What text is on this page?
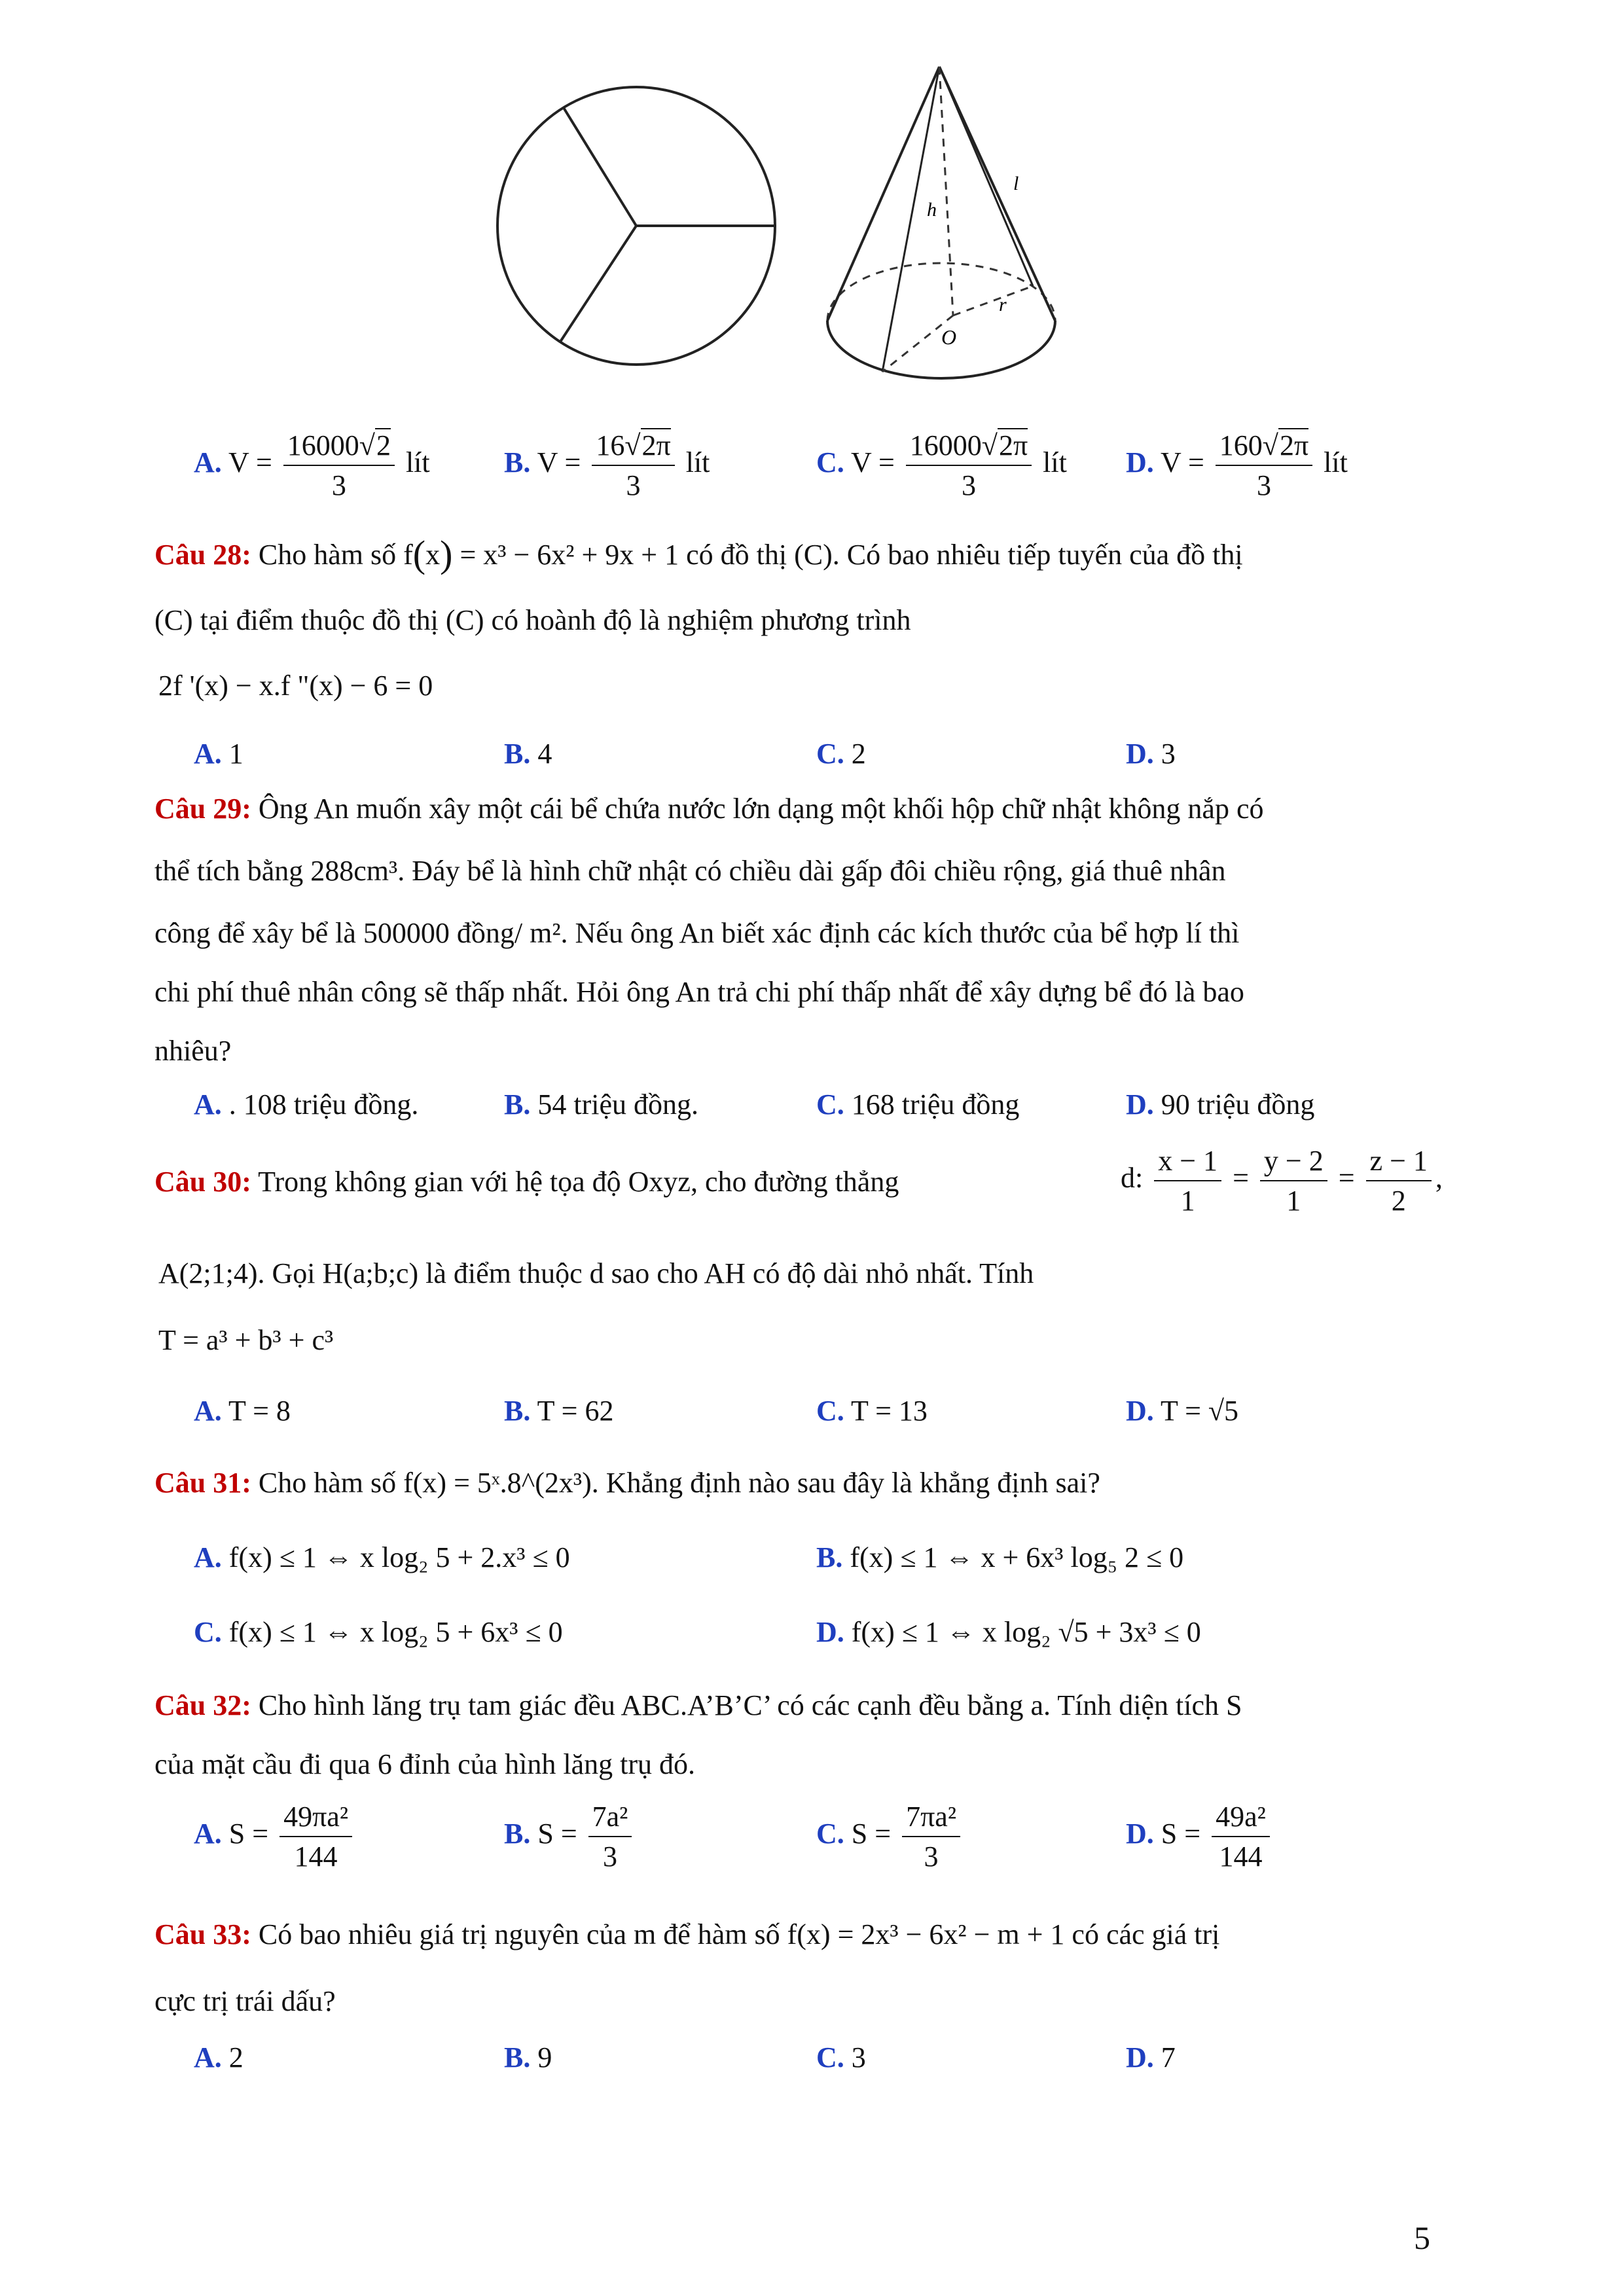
h
l
r
O
A. $V = \frac{16000√2}{3}$ lít	B. $V = \frac{16√2\pi}{3}$ lít	C. $V = \frac{16000√2\pi}{3}$ lít D. $V = \frac{160√2\pi}{3}$ lít
Câu 28: Cho hàm số f(x) = x³ − 6x² + 9x + 1 có đồ thị (C). Có bao nhiêu tiếp tuyến của đồ thị
(C) tại điểm thuộc đồ thị (C) có hoành độ là nghiệm phương trình
2f '(x) − x.f "(x) − 6 = 0
A. 1	B. 4	C. 2	D. 3
Câu 29: Ông An muốn xây một cái bể chứa nước lớn dạng một khối hộp chữ nhật không nắp có
thể tích bằng 288cm³. Đáy bể là hình chữ nhật có chiều dài gấp đôi chiều rộng, giá thuê nhân
công để xây bể là 500000 đồng/ m². Nếu ông An biết xác định các kích thước của bể hợp lí thì
chi phí thuê nhân công sẽ thấp nhất. Hỏi ông An trả chi phí thấp nhất để xây dựng bể đó là bao
nhiêu?
A. . 108 triệu đồng.	B. 54 triệu đồng.	C. 168 triệu đồng	D. 90 triệu đồng
Câu 30: Trong không gian với hệ tọa độ Oxyz, cho đường thẳng	d: $\frac{x - 1}{1} = \frac{y - 2}{1} = \frac{z - 1}{2}$ ,
A(2;1;4). Gọi H(a;b;c) là điểm thuộc d sao cho AH có độ dài nhỏ nhất. Tính
T = a³ + b³ + c³
A. T = 8	B. T = 62	C. T = 13	D. T = √5
Câu 31: Cho hàm số f(x) = 5ˣ.8^(2x³). Khẳng định nào sau đây là khẳng định sai?
A. f(x) ≤ 1 ⇔ x log₂ 5 + 2.x³ ≤ 0	B. f(x) ≤ 1 ⇔ x + 6x³ log₅ 2 ≤ 0
C. f(x) ≤ 1 ⇔ x log₂ 5 + 6x³ ≤ 0	D. f(x) ≤ 1 ⇔ x log₂ √5 + 3x³ ≤ 0
Câu 32: Cho hình lăng trụ tam giác đều ABC.A’B’C’ có các cạnh đều bằng a. Tính diện tích S
của mặt cầu đi qua 6 đỉnh của hình lăng trụ đó.
A. $S = \frac{\text{49πa²}}{144}$	B. $S = \frac{\text{7a²}}{3}$	C. $S = \frac{\text{7πa²}}{3}$	D. $S = \frac{\text{49a²}}{144}$
Câu 33: Có bao nhiêu giá trị nguyên của m để hàm số f(x) = 2x³ − 6x² − m + 1 có các giá trị
cực trị trái dấu?
A. 2	B. 9	C. 3	D. 7
5
